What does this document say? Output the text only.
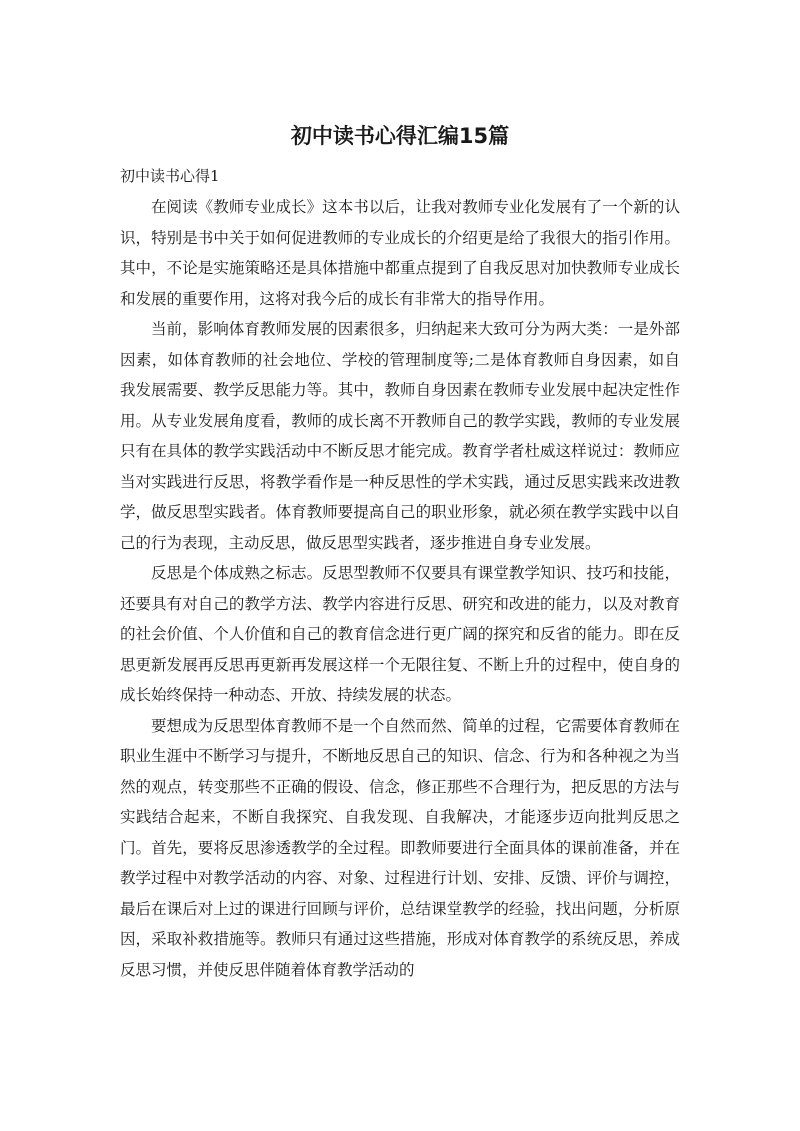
初中读书心得汇编15篇

初中读书心得1

在阅读《教师专业成长》这本书以后，让我对教师专业化发展有了一个新的认识，特别是书中关于如何促进教师的专业成长的介绍更是给了我很大的指引作用。其中，不论是实施策略还是具体措施中都重点提到了自我反思对加快教师专业成长和发展的重要作用，这将对我今后的成长有非常大的指导作用。

当前，影响体育教师发展的因素很多，归纳起来大致可分为两大类：一是外部因素，如体育教师的社会地位、学校的管理制度等;二是体育教师自身因素，如自我发展需要、教学反思能力等。其中，教师自身因素在教师专业发展中起决定性作用。从专业发展角度看，教师的成长离不开教师自己的教学实践，教师的专业发展只有在具体的教学实践活动中不断反思才能完成。教育学者杜威这样说过：教师应当对实践进行反思，将教学看作是一种反思性的学术实践，通过反思实践来改进教学，做反思型实践者。体育教师要提高自己的职业形象，就必须在教学实践中以自己的行为表现，主动反思，做反思型实践者，逐步推进自身专业发展。

反思是个体成熟之标志。反思型教师不仅要具有课堂教学知识、技巧和技能，还要具有对自己的教学方法、教学内容进行反思、研究和改进的能力，以及对教育的社会价值、个人价值和自己的教育信念进行更广阔的探究和反省的能力。即在反思更新发展再反思再更新再发展这样一个无限往复、不断上升的过程中，使自身的成长始终保持一种动态、开放、持续发展的状态。

要想成为反思型体育教师不是一个自然而然、简单的过程，它需要体育教师在职业生涯中不断学习与提升，不断地反思自己的知识、信念、行为和各种视之为当然的观点，转变那些不正确的假设、信念，修正那些不合理行为，把反思的方法与实践结合起来，不断自我探究、自我发现、自我解决，才能逐步迈向批判反思之门。首先，要将反思渗透教学的全过程。即教师要进行全面具体的课前准备，并在教学过程中对教学活动的内容、对象、过程进行计划、安排、反馈、评价与调控，最后在课后对上过的课进行回顾与评价，总结课堂教学的经验，找出问题，分析原因，采取补救措施等。教师只有通过这些措施，形成对体育教学的系统反思，养成反思习惯，并使反思伴随着体育教学活动的
